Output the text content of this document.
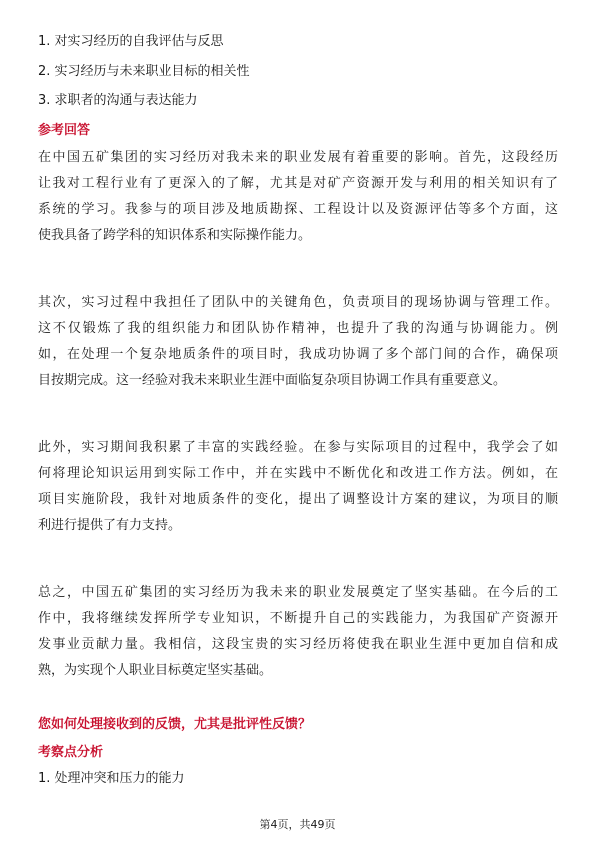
1. 对实习经历的自我评估与反思
2. 实习经历与未来职业目标的相关性
3. 求职者的沟通与表达能力
参考回答
在中国五矿集团的实习经历对我未来的职业发展有着重要的影响。首先，这段经历
让我对工程行业有了更深入的了解，尤其是对矿产资源开发与利用的相关知识有了
系统的学习。我参与的项目涉及地质勘探、工程设计以及资源评估等多个方面，这
使我具备了跨学科的知识体系和实际操作能力。
其次，实习过程中我担任了团队中的关键角色，负责项目的现场协调与管理工作。
这不仅锻炼了我的组织能力和团队协作精神，也提升了我的沟通与协调能力。例
如，在处理一个复杂地质条件的项目时，我成功协调了多个部门间的合作，确保项
目按期完成。这一经验对我未来职业生涯中面临复杂项目协调工作具有重要意义。
此外，实习期间我积累了丰富的实践经验。在参与实际项目的过程中，我学会了如
何将理论知识运用到实际工作中，并在实践中不断优化和改进工作方法。例如，在
项目实施阶段，我针对地质条件的变化，提出了调整设计方案的建议，为项目的顺
利进行提供了有力支持。
总之，中国五矿集团的实习经历为我未来的职业发展奠定了坚实基础。在今后的工
作中，我将继续发挥所学专业知识，不断提升自己的实践能力，为我国矿产资源开
发事业贡献力量。我相信，这段宝贵的实习经历将使我在职业生涯中更加自信和成
熟，为实现个人职业目标奠定坚实基础。
您如何处理接收到的反馈，尤其是批评性反馈？
考察点分析
1. 处理冲突和压力的能力
第4页，共49页
